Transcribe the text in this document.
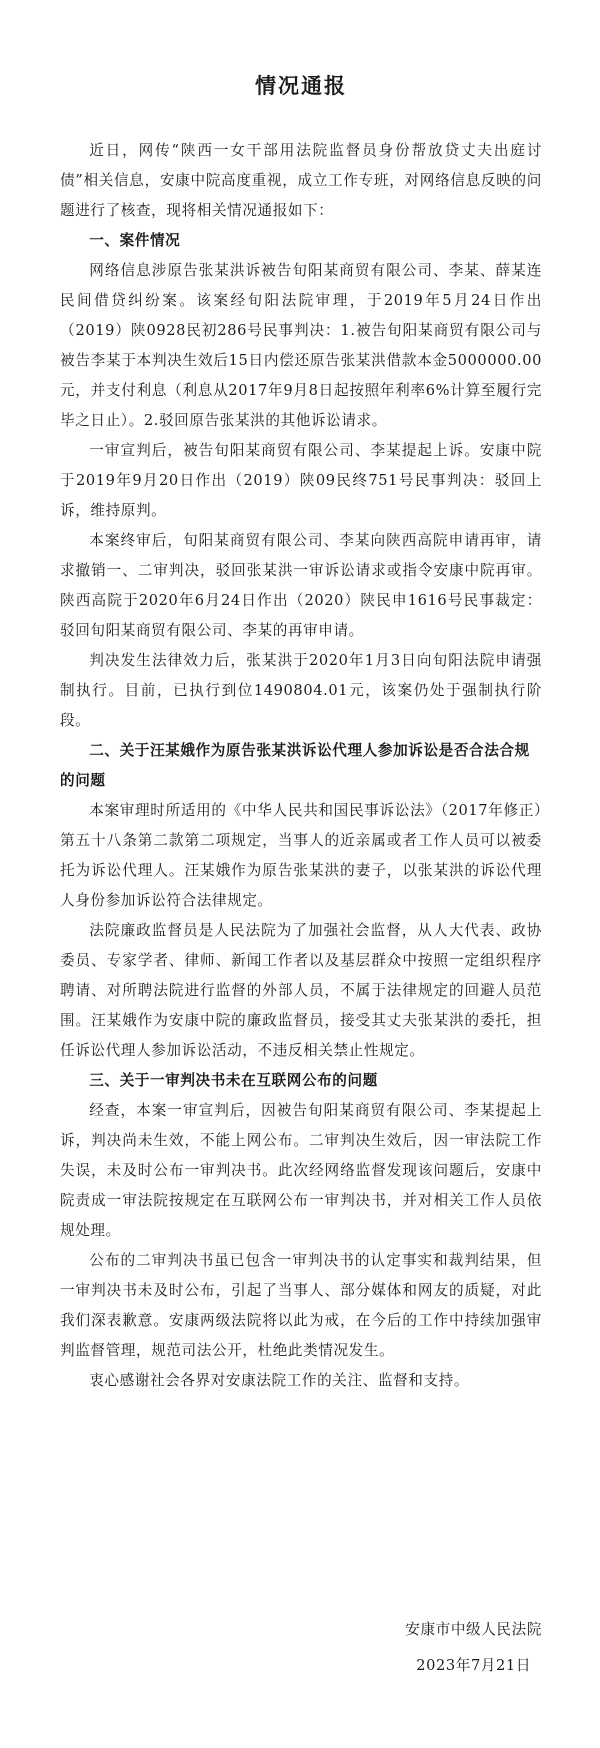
情况通报

近日，网传“陕西一女干部用法院监督员身份帮放贷丈夫出庭讨债”相关信息，安康中院高度重视，成立工作专班，对网络信息反映的问题进行了核查，现将相关情况通报如下：

一、案件情况

网络信息涉原告张某洪诉被告旬阳某商贸有限公司、李某、薛某连民间借贷纠纷案。该案经旬阳法院审理，于2019年5月24日作出（2019）陕0928民初286号民事判决：1.被告旬阳某商贸有限公司与被告李某于本判决生效后15日内偿还原告张某洪借款本金5000000.00元，并支付利息（利息从2017年9月8日起按照年利率6%计算至履行完毕之日止）。2.驳回原告张某洪的其他诉讼请求。

一审宣判后，被告旬阳某商贸有限公司、李某提起上诉。安康中院于2019年9月20日作出（2019）陕09民终751号民事判决：驳回上诉，维持原判。

本案终审后，旬阳某商贸有限公司、李某向陕西高院申请再审，请求撤销一、二审判决，驳回张某洪一审诉讼请求或指令安康中院再审。陕西高院于2020年6月24日作出（2020）陕民申1616号民事裁定：驳回旬阳某商贸有限公司、李某的再审申请。

判决发生法律效力后，张某洪于2020年1月3日向旬阳法院申请强制执行。目前，已执行到位1490804.01元，该案仍处于强制执行阶段。

二、关于汪某娥作为原告张某洪诉讼代理人参加诉讼是否合法合规的问题

本案审理时所适用的《中华人民共和国民事诉讼法》（2017年修正）第五十八条第二款第二项规定，当事人的近亲属或者工作人员可以被委托为诉讼代理人。汪某娥作为原告张某洪的妻子，以张某洪的诉讼代理人身份参加诉讼符合法律规定。

法院廉政监督员是人民法院为了加强社会监督，从人大代表、政协委员、专家学者、律师、新闻工作者以及基层群众中按照一定组织程序聘请、对所聘法院进行监督的外部人员，不属于法律规定的回避人员范围。汪某娥作为安康中院的廉政监督员，接受其丈夫张某洪的委托，担任诉讼代理人参加诉讼活动，不违反相关禁止性规定。

三、关于一审判决书未在互联网公布的问题

经查，本案一审宣判后，因被告旬阳某商贸有限公司、李某提起上诉，判决尚未生效，不能上网公布。二审判决生效后，因一审法院工作失误，未及时公布一审判决书。此次经网络监督发现该问题后，安康中院责成一审法院按规定在互联网公布一审判决书，并对相关工作人员依规处理。

公布的二审判决书虽已包含一审判决书的认定事实和裁判结果，但一审判决书未及时公布，引起了当事人、部分媒体和网友的质疑，对此我们深表歉意。安康两级法院将以此为戒，在今后的工作中持续加强审判监督管理，规范司法公开，杜绝此类情况发生。

衷心感谢社会各界对安康法院工作的关注、监督和支持。

安康市中级人民法院
2023年7月21日
